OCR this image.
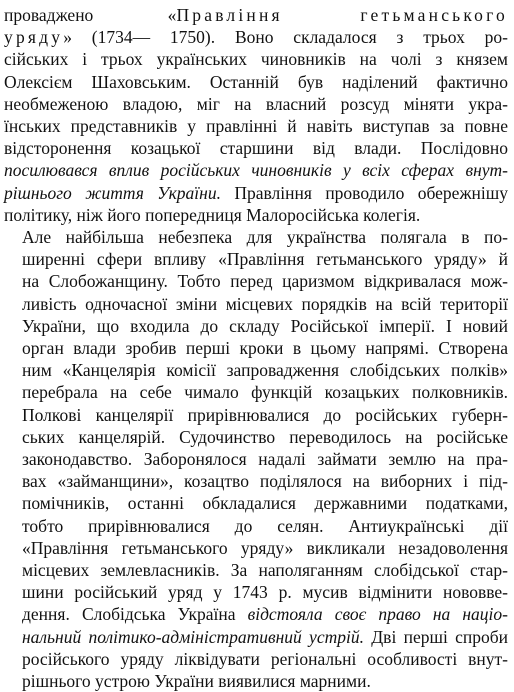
проваджено «Правління гетьманського
уряду» (1734— 1750). Воно складалося з трьох ро-
сійських і трьох українських чиновників на чолі з князем
Олексієм Шаховським. Останній був наділений фактично
необмеженою владою, міг на власний розсуд міняти укра-
їнських представників у правлінні й навіть виступав за повне
відсторонення козацької старшини від влади. Послідовно
посилювався вплив російських чиновників у всіх сферах внут-
рішнього життя України. Правління проводило обережнішу
політику, ніж його попередниця Малоросійська колегія.
Але найбільша небезпека для українства полягала в по-
ширенні сфери впливу «Правління гетьманського уряду» й
на Слобожанщину. Тобто перед царизмом відкривалася мож-
ливість одночасної зміни місцевих порядків на всій території
України, що входила до складу Російської імперії. І новий
орган влади зробив перші кроки в цьому напрямі. Створена
ним «Канцелярія комісії запровадження слобідських полків»
перебрала на себе чимало функцій козацьких полковників.
Полкові канцелярії прирівнювалися до російських губерн-
ських канцелярій. Судочинство переводилось на російське
законодавство. Заборонялося надалі займати землю на пра-
вах «займанщини», козацтво поділялося на виборних і під-
помічників, останні обкладалися державними податками,
тобто прирівнювалися до селян. Антиукраїнські дії
«Правління гетьманського уряду» викликали незадоволення
місцевих землевласників. За наполяганням слобідської стар-
шини російський уряд у 1743 р. мусив відмінити нововве-
дення. Слобідська Україна відстояла своє право на націо-
нальний політико-адміністративний устрій. Дві перші спроби
російського уряду ліквідувати регіональні особливості внут-
рішнього устрою України виявилися марними.
